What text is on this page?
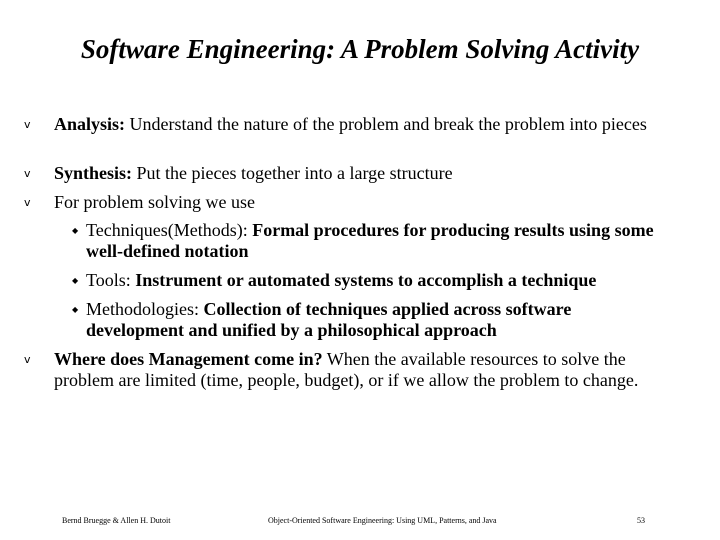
Software Engineering: A Problem Solving Activity
v Analysis: Understand the nature of the problem and break the problem into pieces
v Synthesis: Put the pieces together into a large structure
v For problem solving we use
◆ Techniques(Methods): Formal procedures for producing results using some well-defined notation
◆ Tools: Instrument or automated systems to accomplish a technique
◆ Methodologies: Collection of techniques applied across software development and unified by a philosophical approach
v Where does Management come in? When the available resources to solve the problem are limited (time, people, budget), or if we allow the problem to change.
Bernd Bruegge & Allen H. Dutoit	Object-Oriented Software Engineering: Using UML, Patterns, and Java	53
